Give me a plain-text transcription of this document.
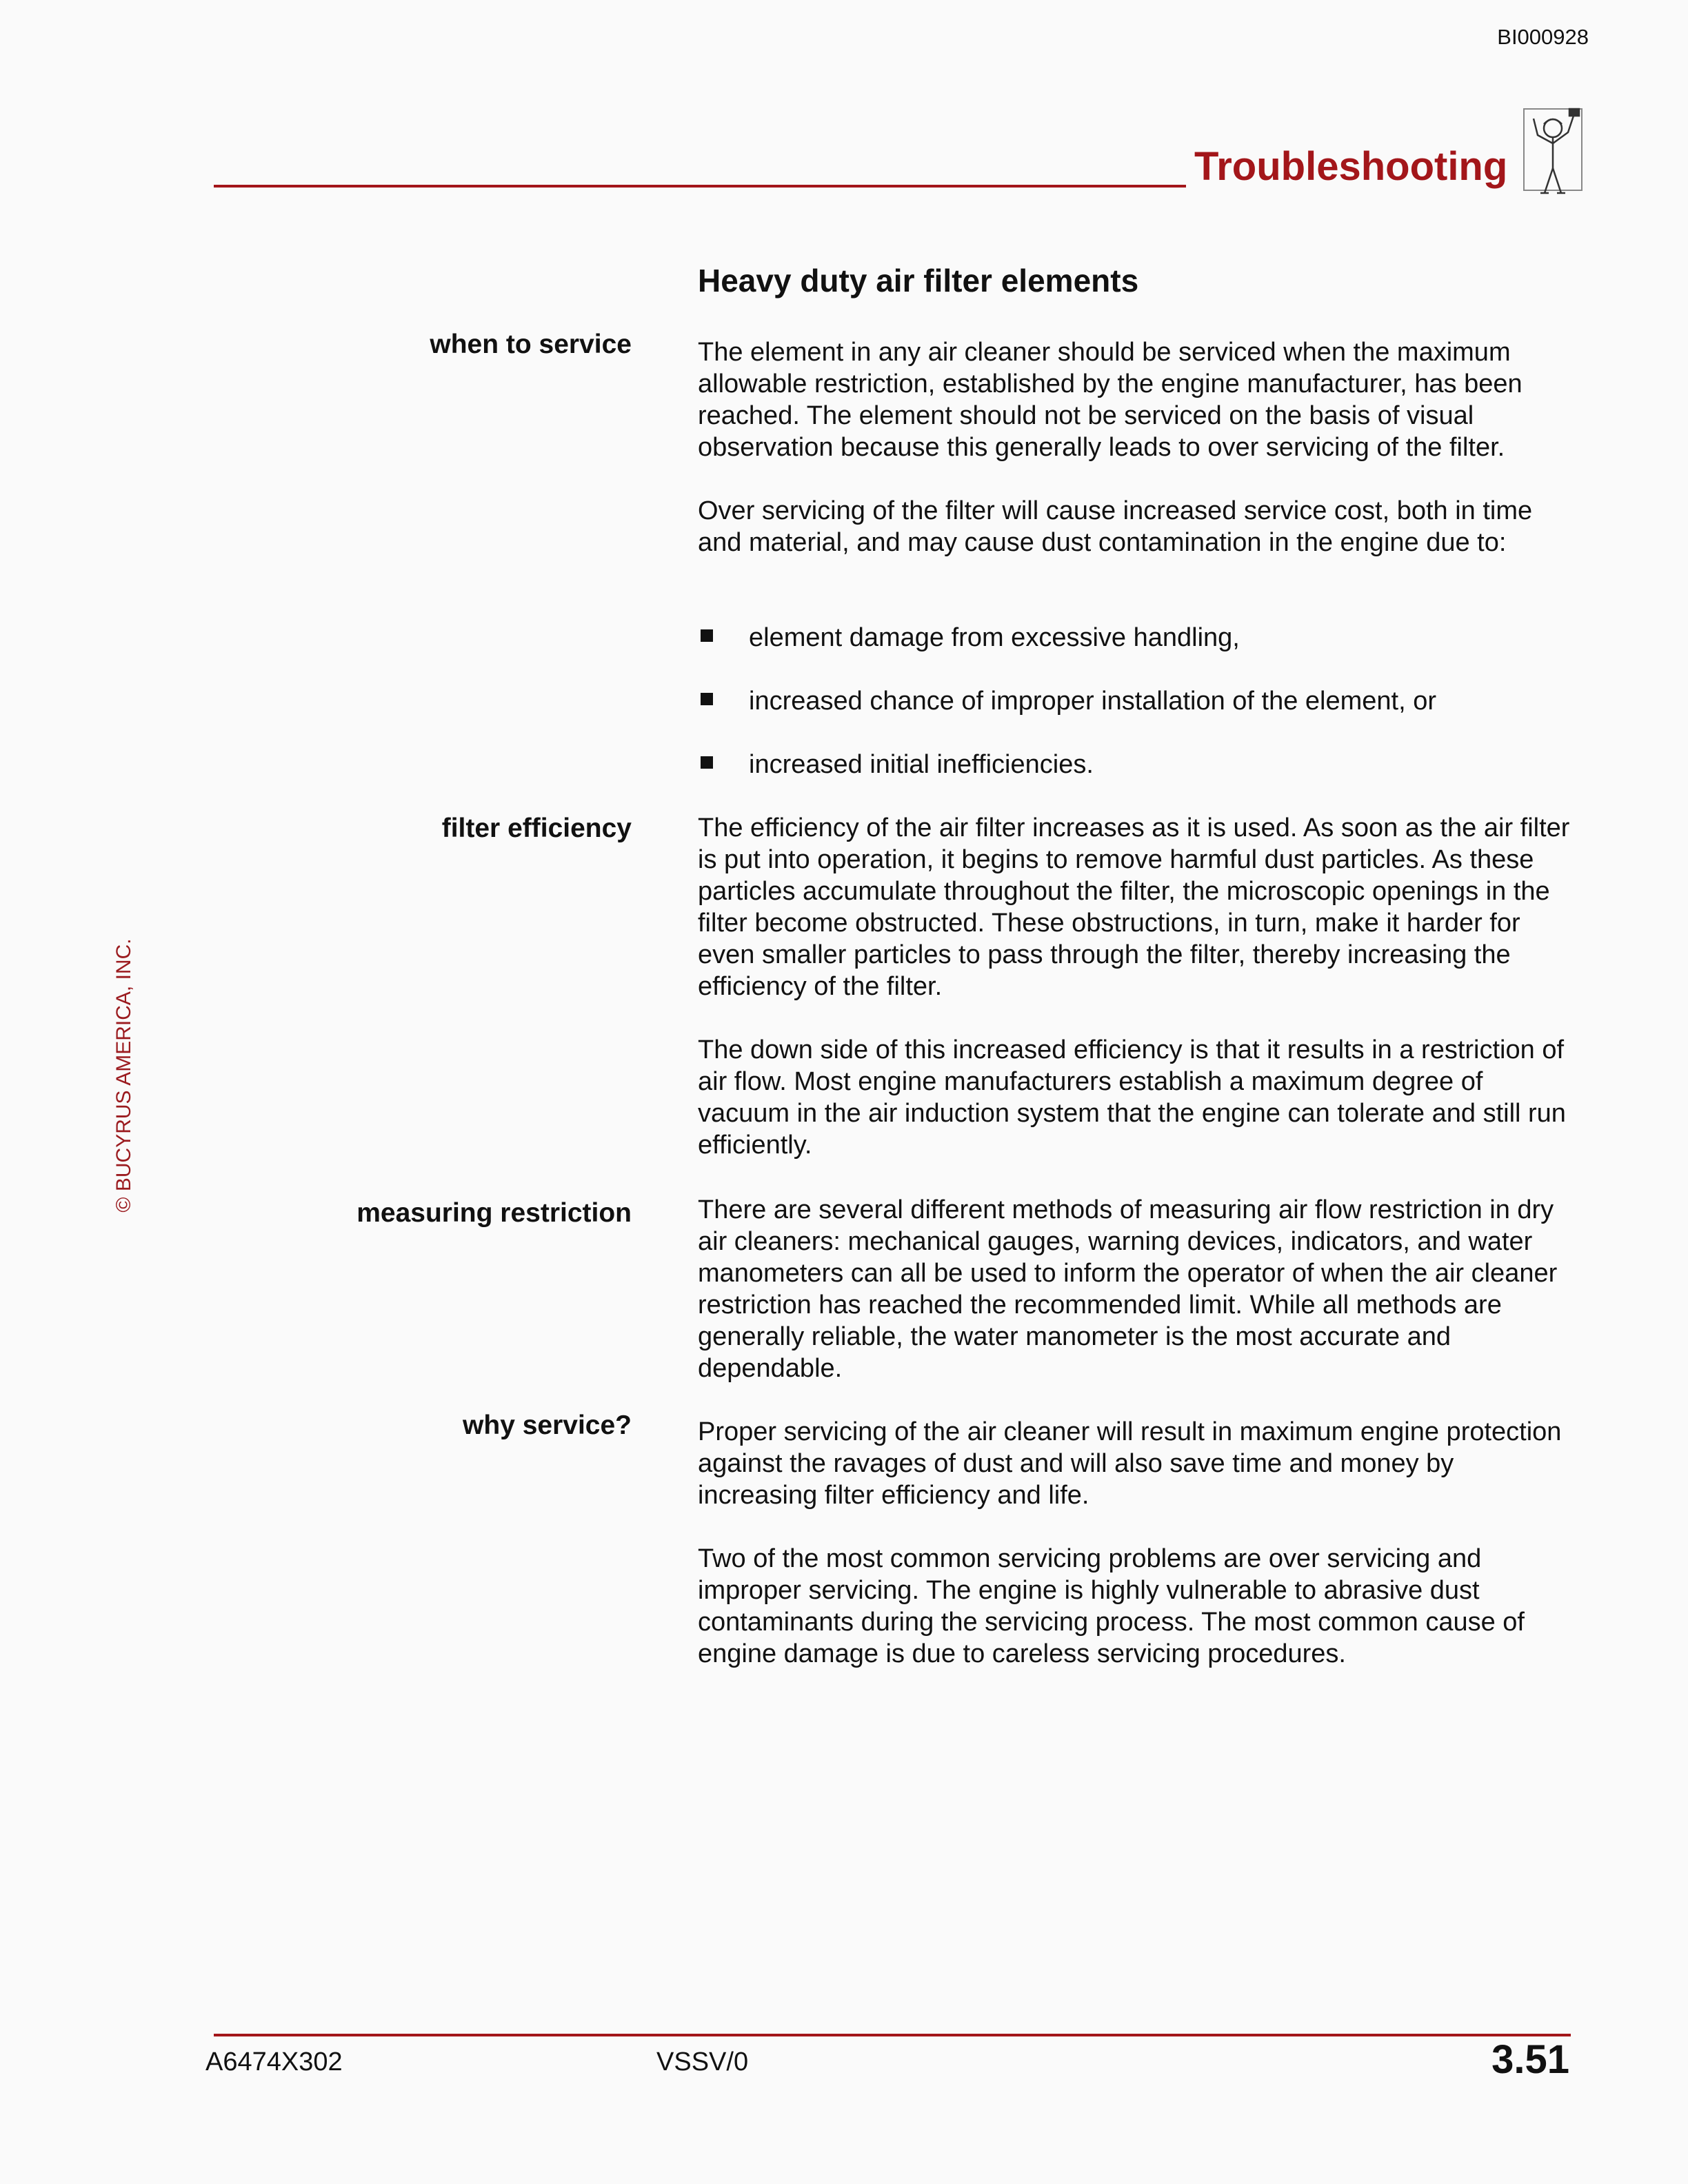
BI000928
Troubleshooting
© BUCYRUS AMERICA, INC.
Heavy duty air filter elements
when to service	The element in any air cleaner should be serviced when the maximum allowable restriction, established by the engine manufacturer, has been reached. The element should not be serviced on the basis of visual observation because this generally leads to over servicing of the filter.

Over servicing of the filter will cause increased service cost, both in time and material, and may cause dust contamination in the engine due to:

element damage from excessive handling,
increased chance of improper installation of the element, or
increased initial inefficiencies.
filter efficiency	The efficiency of the air filter increases as it is used. As soon as the air filter is put into operation, it begins to remove harmful dust particles. As these particles accumulate throughout the filter, the microscopic openings in the filter become obstructed. These obstructions, in turn, make it harder for even smaller particles to pass through the filter, thereby increasing the efficiency of the filter.

The down side of this increased efficiency is that it results in a restriction of air flow. Most engine manufacturers establish a maximum degree of vacuum in the air induction system that the engine can tolerate and still run efficiently.

measuring restriction	There are several different methods of measuring air flow restriction in dry air cleaners: mechanical gauges, warning devices, indicators, and water manometers can all be used to inform the operator of when the air cleaner restriction has reached the recommended limit. While all methods are generally reliable, the water manometer is the most accurate and dependable.

why service?	Proper servicing of the air cleaner will result in maximum engine protection against the ravages of dust and will also save time and money by increasing filter efficiency and life.

Two of the most common servicing problems are over servicing and improper servicing. The engine is highly vulnerable to abrasive dust contaminants during the servicing process. The most common cause of engine damage is due to careless servicing procedures.

A6474X302	VSSV/0	3.51
